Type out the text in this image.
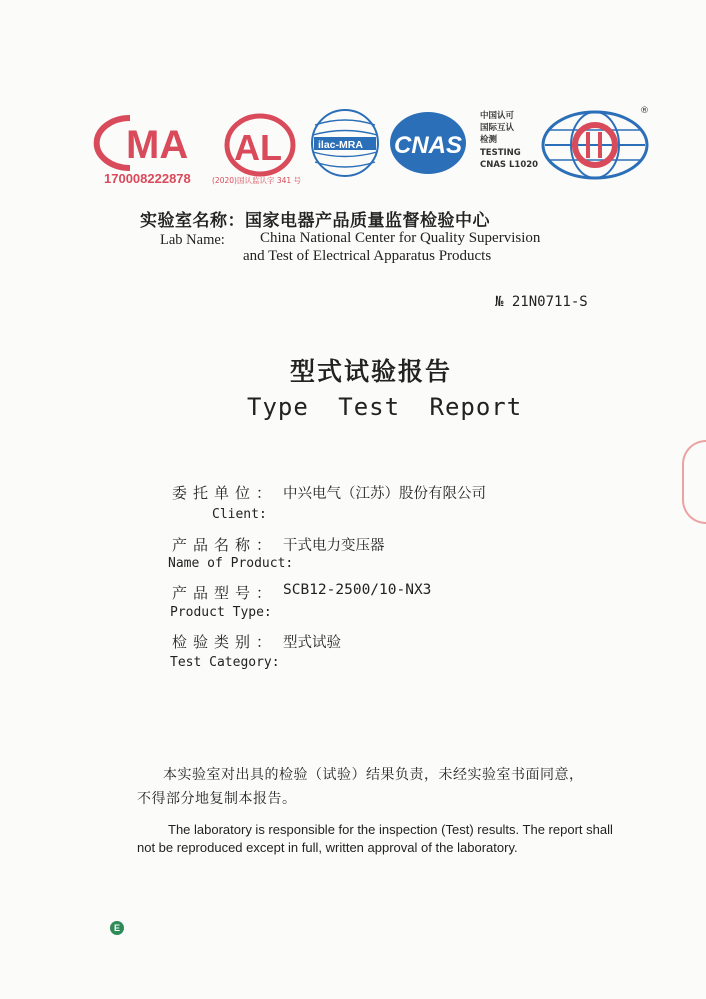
MA
170008222878
AL
(2020)国认监认字 341 号
ilac-MRA CNAS
中国认可
国际互认
检测
TESTING
CNAS L1020
®
实验室名称：国家电器产品质量监督检验中心
Lab Name: China National Center for Quality Supervision
and Test of Electrical Apparatus Products
№ 21N0711-S
型式试验报告
Type Test Report
委托单位： 中兴电气（江苏）股份有限公司
Client:
产品名称： 干式电力变压器
Name of Product:
产品型号： SCB12-2500/10-NX3
Product Type:
检验类别： 型式试验
Test Category:
本实验室对出具的检验（试验）结果负责，未经实验室书面同意，
不得部分地复制本报告。
The laboratory is responsible for the inspection (Test) results. The report shall
not be reproduced except in full, written approval of the laboratory.
E
